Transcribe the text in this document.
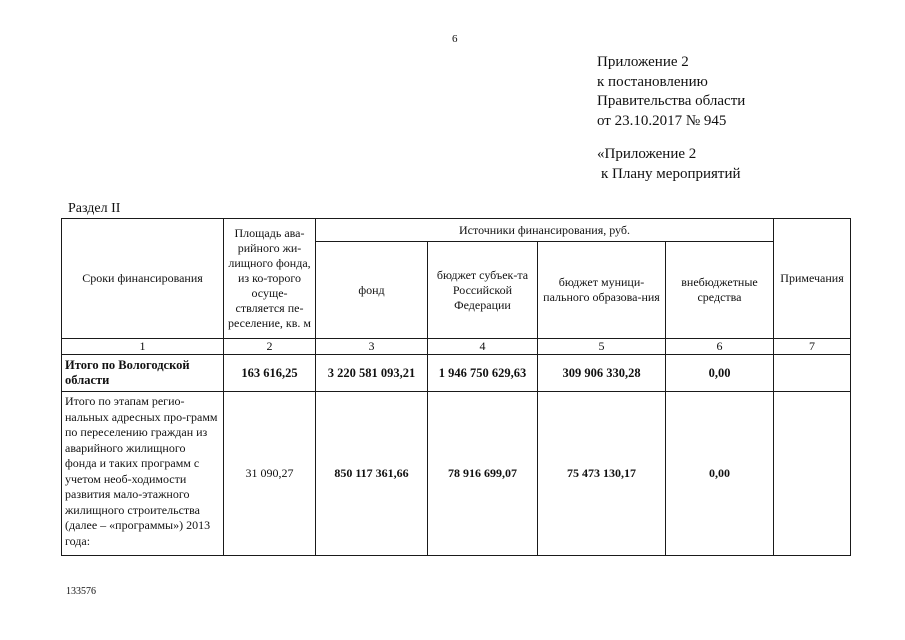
6
Приложение 2
к постановлению
Правительства области
от 23.10.2017 № 945
«Приложение 2
к Плану мероприятий
Раздел II
Сроки финансирования	Площадь ава-рийного жи-лищного фонда, из ко-торого осуще-ствляется пе-реселение, кв. м	Источники финансирования, руб.				Примечания
		фонд	бюджет субъек-та Российской Федерации	бюджет муници-пального образова-ния	внебюджетные средства	
1	2	3	4	5	6	7
Итого по Вологодской области	163 616,25	3 220 581 093,21	1 946 750 629,63	309 906 330,28	0,00	
Итого по этапам регио-нальных адресных про-грамм по переселению граждан из аварийного жилищного фонда и таких программ с учетом необ-ходимости развития мало-этажного жилищного строительства (далее – «программы») 2013 года:	31 090,27	850 117 361,66	78 916 699,07	75 473 130,17	0,00	
133576
